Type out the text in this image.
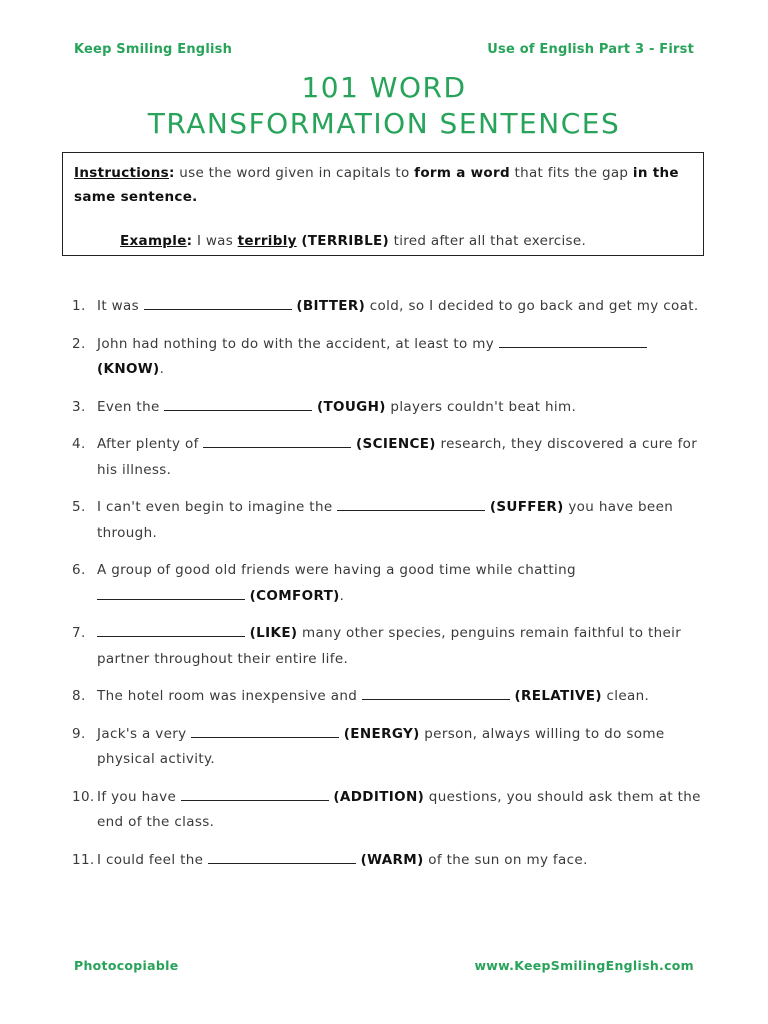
Keep Smiling English	Use of English Part 3 - First
101 WORD
TRANSFORMATION SENTENCES
Instructions: use the word given in capitals to form a word that fits the gap in the same sentence.
Example: I was terribly (TERRIBLE) tired after all that exercise.
1. It was	(BITTER) cold, so I decided to go back and get my coat.
2. John had nothing to do with the accident, at least to my  (KNOW).
3. Even the	(TOUGH) players couldn't beat him.
4. After plenty of	(SCIENCE) research, they discovered a cure for his illness.
5. I can't even begin to imagine the	(SUFFER) you have been through.
6. A group of good old friends were having a good time while chatting  (COMFORT).
7.	(LIKE) many other species, penguins remain faithful to their partner throughout their entire life.
8. The hotel room was inexpensive and	(RELATIVE) clean.
9. Jack's a very	(ENERGY) person, always willing to do some physical activity.
10. If you have	(ADDITION) questions, you should ask them at the end of the class.
11. I could feel the	(WARM) of the sun on my face.
Photocopiable	www.KeepSmilingEnglish.com
